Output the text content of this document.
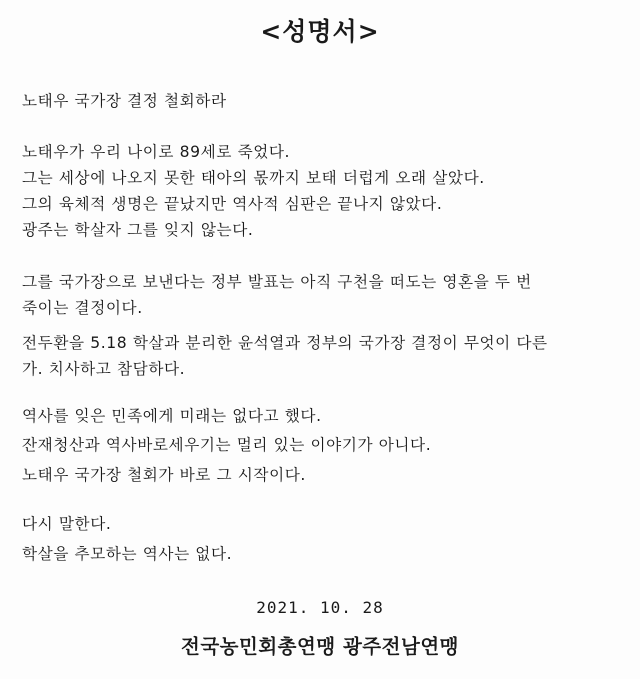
<성명서>
노태우 국가장 결정 철회하라
노태우가 우리 나이로 89세로 죽었다.
그는 세상에 나오지 못한 태아의 몫까지 보태 더럽게 오래 살았다.
그의 육체적 생명은 끝났지만 역사적 심판은 끝나지 않았다.
광주는 학살자 그를 잊지 않는다.
그를 국가장으로 보낸다는 정부 발표는 아직 구천을 떠도는 영혼을 두 번
죽이는 결정이다.
전두환을 5.18 학살과 분리한 윤석열과 정부의 국가장 결정이 무엇이 다른
가. 치사하고 참담하다.
역사를 잊은 민족에게 미래는 없다고 했다.
잔재청산과 역사바로세우기는 멀리 있는 이야기가 아니다.
노태우 국가장 철회가 바로 그 시작이다.
다시 말한다.
학살을 추모하는 역사는 없다.
2021. 10. 28
전국농민회총연맹 광주전남연맹
